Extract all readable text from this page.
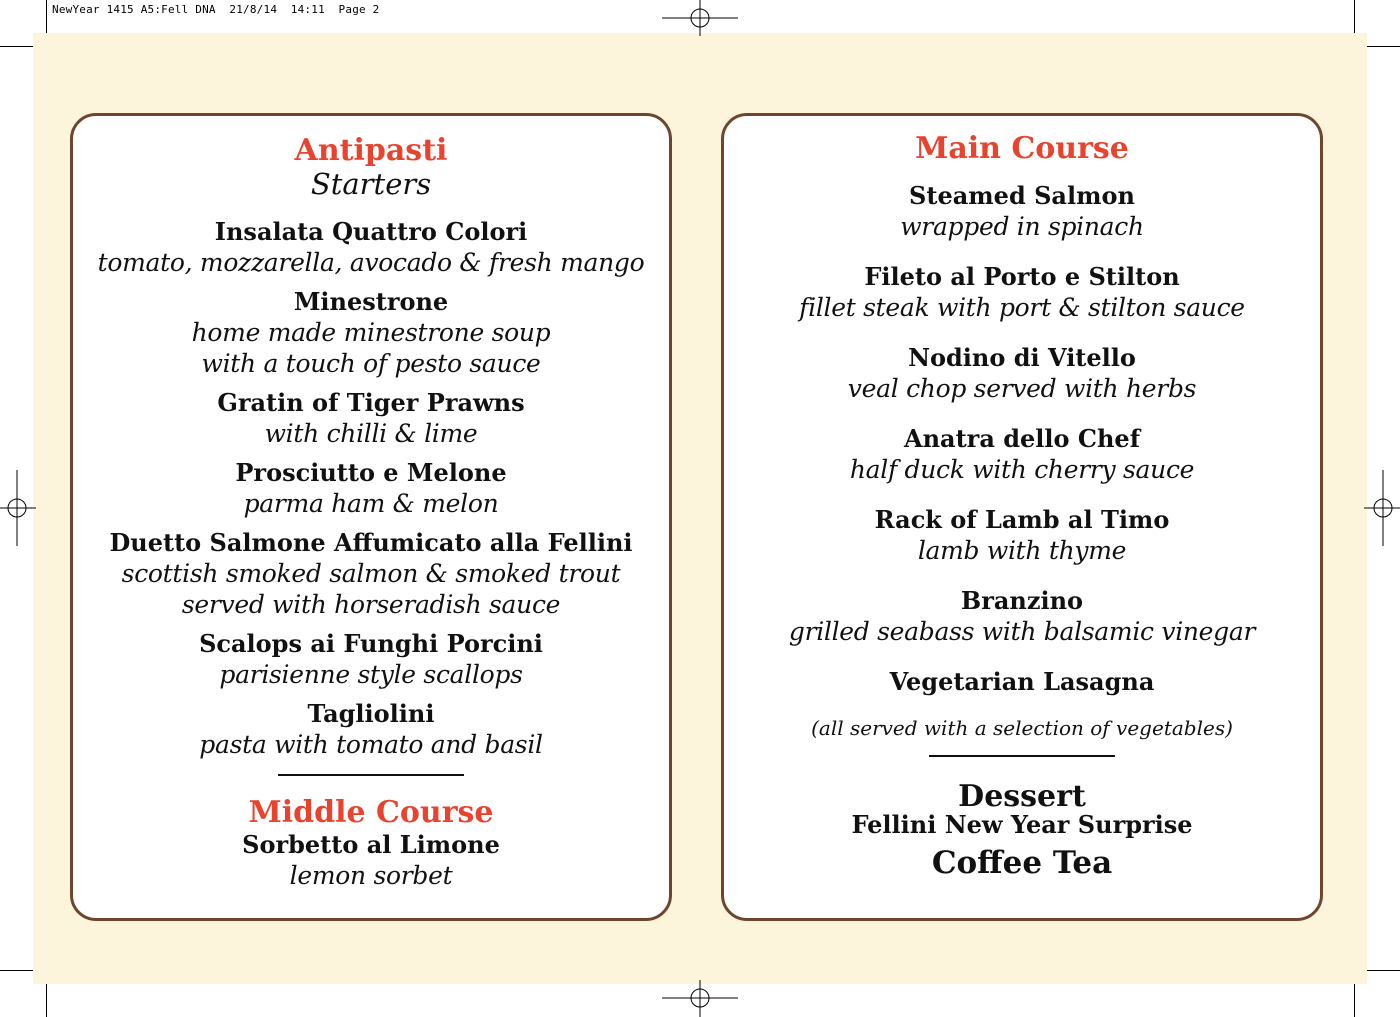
NewYear 1415 A5:Fell DNA  21/8/14  14:11  Page 2
Antipasti
Starters
Insalata Quattro Colori
tomato, mozzarella, avocado & fresh mango
Minestrone
home made minestrone soup
with a touch of pesto sauce
Gratin of Tiger Prawns
with chilli & lime
Prosciutto e Melone
parma ham & melon
Duetto Salmone Affumicato alla Fellini
scottish smoked salmon & smoked trout
served with horseradish sauce
Scalops ai Funghi Porcini
parisienne style scallops
Tagliolini
pasta with tomato and basil
Middle Course
Sorbetto al Limone
lemon sorbet
Main Course
Steamed Salmon
wrapped in spinach
Fileto al Porto e Stilton
fillet steak with port & stilton sauce
Nodino di Vitello
veal chop served with herbs
Anatra dello Chef
half duck with cherry sauce
Rack of Lamb al Timo
lamb with thyme
Branzino
grilled seabass with balsamic vinegar
Vegetarian Lasagna
(all served with a selection of vegetables)
Dessert
Fellini New Year Surprise
Coffee Tea
